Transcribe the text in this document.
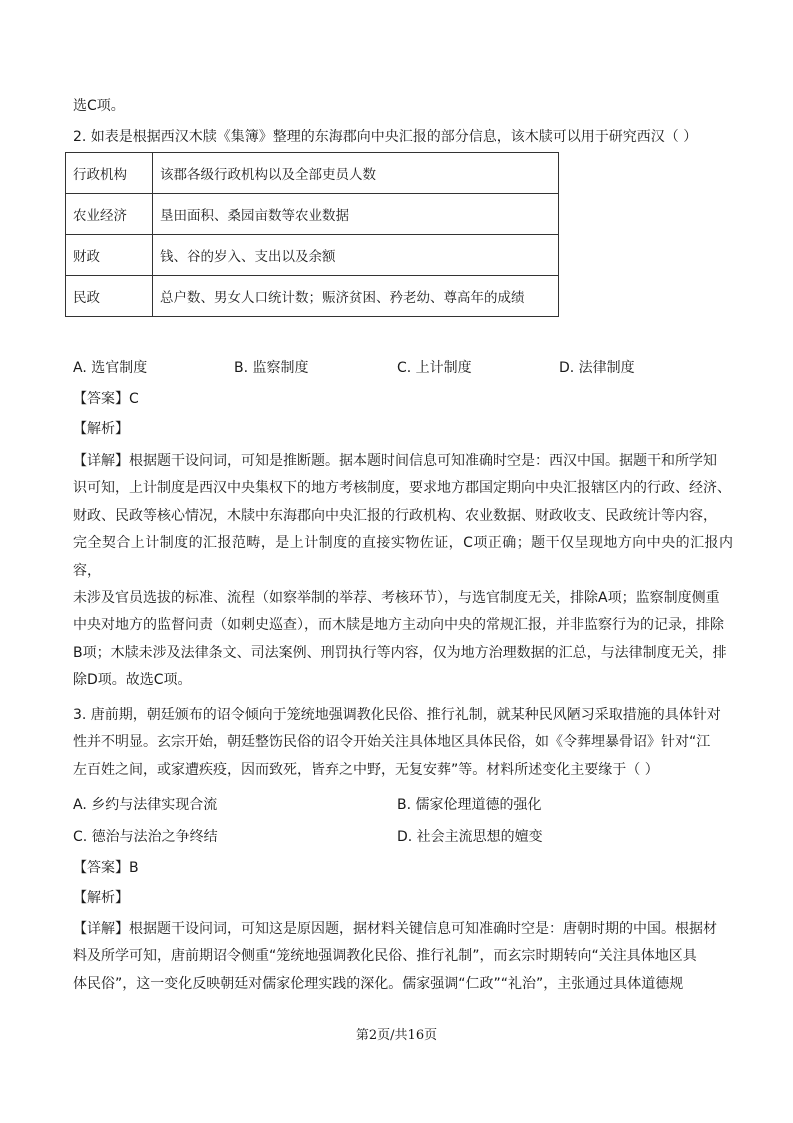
选C项。
2. 如表是根据西汉木牍《集簿》整理的东海郡向中央汇报的部分信息，该木牍可以用于研究西汉（ ）
行政机构	该郡各级行政机构以及全部吏员人数
农业经济	垦田面积、桑园亩数等农业数据
财政	钱、谷的岁入、支出以及余额
民政	总户数、男女人口统计数；赈济贫困、矜老幼、尊高年的成绩
A. 选官制度	B. 监察制度	C. 上计制度	D. 法律制度
【答案】C
【解析】
【详解】根据题干设问词，可知是推断题。据本题时间信息可知准确时空是：西汉中国。据题干和所学知
识可知，上计制度是西汉中央集权下的地方考核制度，要求地方郡国定期向中央汇报辖区内的行政、经济、
财政、民政等核心情况，木牍中东海郡向中央汇报的行政机构、农业数据、财政收支、民政统计等内容，
完全契合上计制度的汇报范畴，是上计制度的直接实物佐证，C项正确；题干仅呈现地方向中央的汇报内容，
未涉及官员选拔的标准、流程（如察举制的举荐、考核环节），与选官制度无关，排除A项；监察制度侧重
中央对地方的监督问责（如刺史巡查），而木牍是地方主动向中央的常规汇报，并非监察行为的记录，排除
B项；木牍未涉及法律条文、司法案例、刑罚执行等内容，仅为地方治理数据的汇总，与法律制度无关，排
除D项。故选C项。
3. 唐前期，朝廷颁布的诏令倾向于笼统地强调教化民俗、推行礼制，就某种民风陋习采取措施的具体针对
性并不明显。玄宗开始，朝廷整饬民俗的诏令开始关注具体地区具体民俗，如《令葬埋暴骨诏》针对“江
左百姓之间，或家遭疾疫，因而致死，皆弃之中野，无复安葬”等。材料所述变化主要缘于（ ）
A. 乡约与法律实现合流	B. 儒家伦理道德的强化
C. 德治与法治之争终结	D. 社会主流思想的嬗变
【答案】B
【解析】
【详解】根据题干设问词，可知这是原因题，据材料关键信息可知准确时空是：唐朝时期的中国。根据材
料及所学可知，唐前期诏令侧重“笼统地强调教化民俗、推行礼制”，而玄宗时期转向“关注具体地区具
体民俗”，这一变化反映朝廷对儒家伦理实践的深化。儒家强调“仁政”“礼治”，主张通过具体道德规
第2页/共16页
